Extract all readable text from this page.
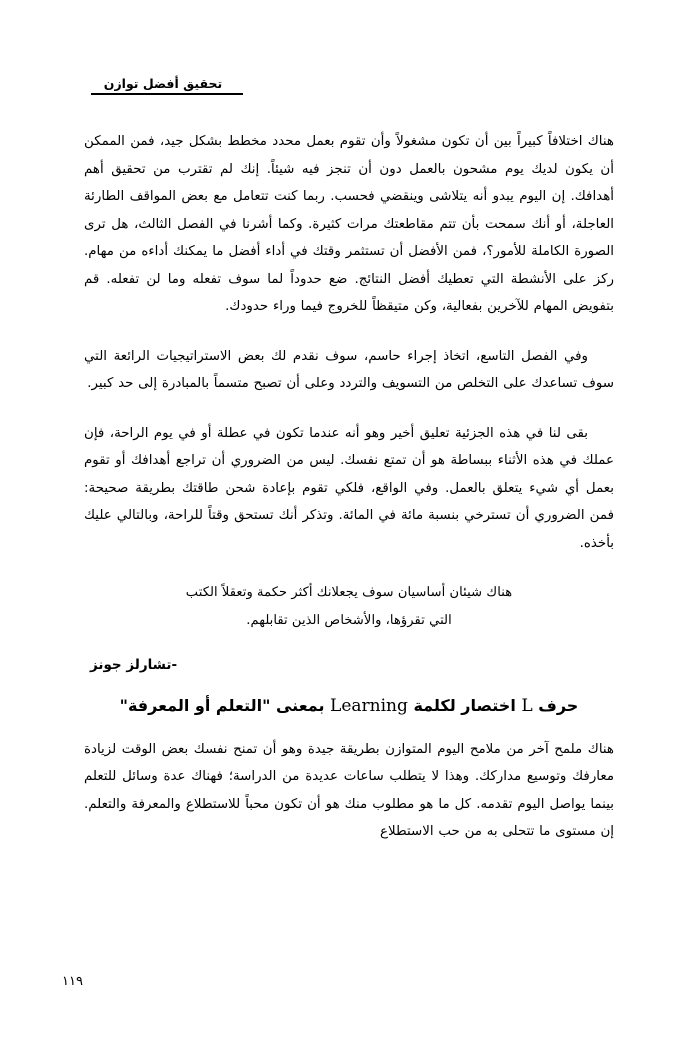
تحقيق أفضل توازن

هناك اختلافاً كبيراً بين أن تكون مشغولاً وأن تقوم بعمل محدد مخطط بشكل جيد، فمن الممكن أن يكون لديك يوم مشحون بالعمل دون أن تنجز فيه شيئاً. إنك لم تقترب من تحقيق أهم أهدافك. إن اليوم يبدو أنه يتلاشى وينقضي فحسب. ربما كنت تتعامل مع بعض المواقف الطارئة العاجلة، أو أنك سمحت بأن تتم مقاطعتك مرات كثيرة. وكما أشرنا في الفصل الثالث، هل ترى الصورة الكاملة للأمور؟، فمن الأفضل أن تستثمر وقتك في أداء أفضل ما يمكنك أداءه من مهام. ركز على الأنشطة التي تعطيك أفضل النتائج. ضع حدوداً لما سوف تفعله وما لن تفعله. قم بتفويض المهام للآخرين بفعالية، وكن متيقظاً للخروج فيما وراء حدودك.

وفي الفصل التاسع، اتخاذ إجراء حاسم، سوف نقدم لك بعض الاستراتيجيات الرائعة التي سوف تساعدك على التخلص من التسويف والتردد وعلى أن تصبح متسماً بالمبادرة إلى حد كبير.

بقى لنا في هذه الجزئية تعليق أخير وهو أنه عندما تكون في عطلة أو في يوم الراحة، فإن عملك في هذه الأثناء ببساطة هو أن تمتع نفسك. ليس من الضروري أن تراجع أهدافك أو تقوم بعمل أي شيء يتعلق بالعمل. وفي الواقع، فلكي تقوم بإعادة شحن طاقتك بطريقة صحيحة: فمن الضروري أن تسترخي بنسبة مائة في المائة. وتذكر أنك تستحق وقتاً للراحة، وبالتالي عليك بأخذه.

هناك شيئان أساسيان سوف يجعلانك أكثر حكمة وتعقلاً الكتب
التي تقرؤها، والأشخاص الذين تقابلهم.

-تشارلز جونز

حرف L اختصار لكلمة Learning بمعنى "التعلم أو المعرفة"

هناك ملمح آخر من ملامح اليوم المتوازن بطريقة جيدة وهو أن تمنح نفسك بعض الوقت لزيادة معارفك وتوسيع مداركك. وهذا لا يتطلب ساعات عديدة من الدراسة؛ فهناك عدة وسائل للتعلم بينما يواصل اليوم تقدمه. كل ما هو مطلوب منك هو أن تكون محباً للاستطلاع والمعرفة والتعلم. إن مستوى ما تتحلى به من حب الاستطلاع

١١٩
